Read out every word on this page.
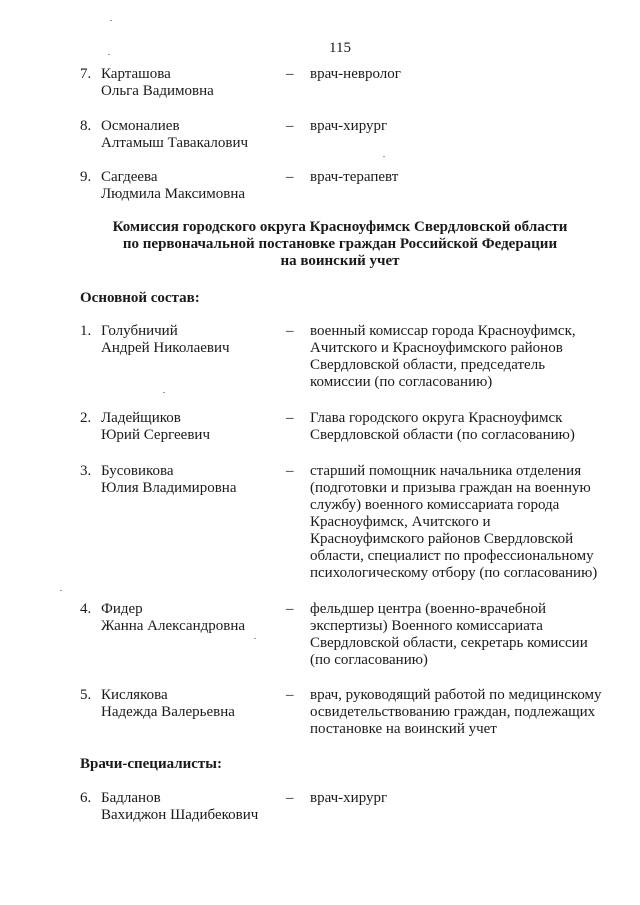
115
7. Карташова
Ольга Вадимовна
– врач-невролог
8. Осмоналиев
Алтамыш Тавакалович
– врач-хирург
9. Сагдеева
Людмила Максимовна
– врач-терапевт
Комиссия городского округа Красноуфимск Свердловской области
по первоначальной постановке граждан Российской Федерации
на воинский учет
Основной состав:
1. Голубничий
Андрей Николаевич
– военный комиссар города Красноуфимск,
Ачитского и Красноуфимского районов
Свердловской области, председатель
комиссии (по согласованию)
2. Ладейщиков
Юрий Сергеевич
– Глава городского округа Красноуфимск
Свердловской области (по согласованию)
3. Бусовикова
Юлия Владимировна
– старший помощник начальника отделения
(подготовки и призыва граждан на военную
службу) военного комиссариата города
Красноуфимск, Ачитского и
Красноуфимского районов Свердловской
области, специалист по профессиональному
психологическому отбору (по согласованию)
4. Фидер
Жанна Александровна
– фельдшер центра (военно-врачебной
экспертизы) Военного комиссариата
Свердловской области, секретарь комиссии
(по согласованию)
5. Кислякова
Надежда Валерьевна
– врач, руководящий работой по медицинскому
освидетельствованию граждан, подлежащих
постановке на воинский учет
Врачи-специалисты:
6. Бадланов
Вахиджон Шадибекович
– врач-хирург
